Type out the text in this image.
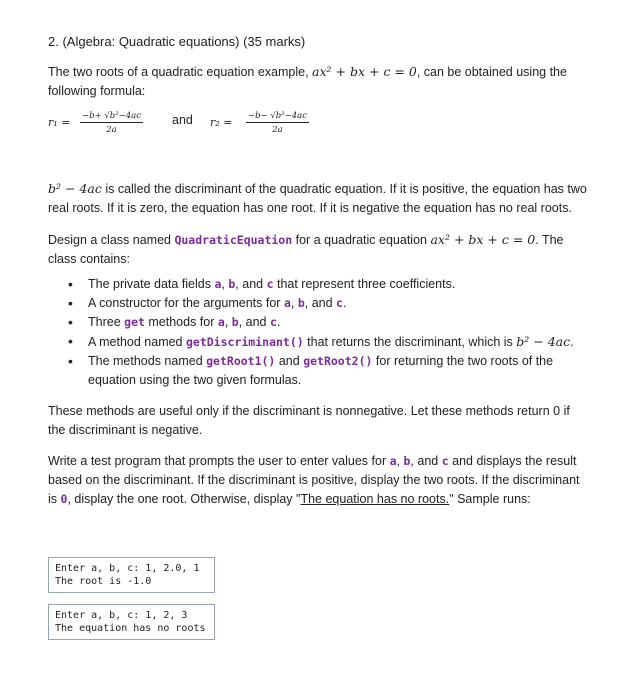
2. (Algebra: Quadratic equations) (35 marks)

The two roots of a quadratic equation example, ax² + bx + c = 0, can be obtained using the following formula:

$r_1 = \frac{\text{−b+ √b²−4ac}}{2a}$ and $r_2 = \frac{\text{−b− √b²−4ac}}{2a}$

b² − 4ac is called the discriminant of the quadratic equation. If it is positive, the equation has two real roots. If it is zero, the equation has one root. If it is negative the equation has no real roots.

Design a class named QuadraticEquation for a quadratic equation ax² + bx + c = 0. The class contains:

• The private data fields a, b, and c that represent three coefficients.
• A constructor for the arguments for a, b, and c.
• Three get methods for a, b, and c.
• A method named getDiscriminant() that returns the discriminant, which is b² − 4ac.
• The methods named getRoot1() and getRoot2() for returning the two roots of the equation using the two given formulas.

These methods are useful only if the discriminant is nonnegative. Let these methods return 0 if the discriminant is negative.

Write a test program that prompts the user to enter values for a, b, and c and displays the result based on the discriminant. If the discriminant is positive, display the two roots. If the discriminant is 0, display the one root. Otherwise, display "The equation has no roots." Sample runs:

Enter a, b, c: 1, 2.0, 1
The root is -1.0
Enter a, b, c: 1, 2, 3
The equation has no roots
